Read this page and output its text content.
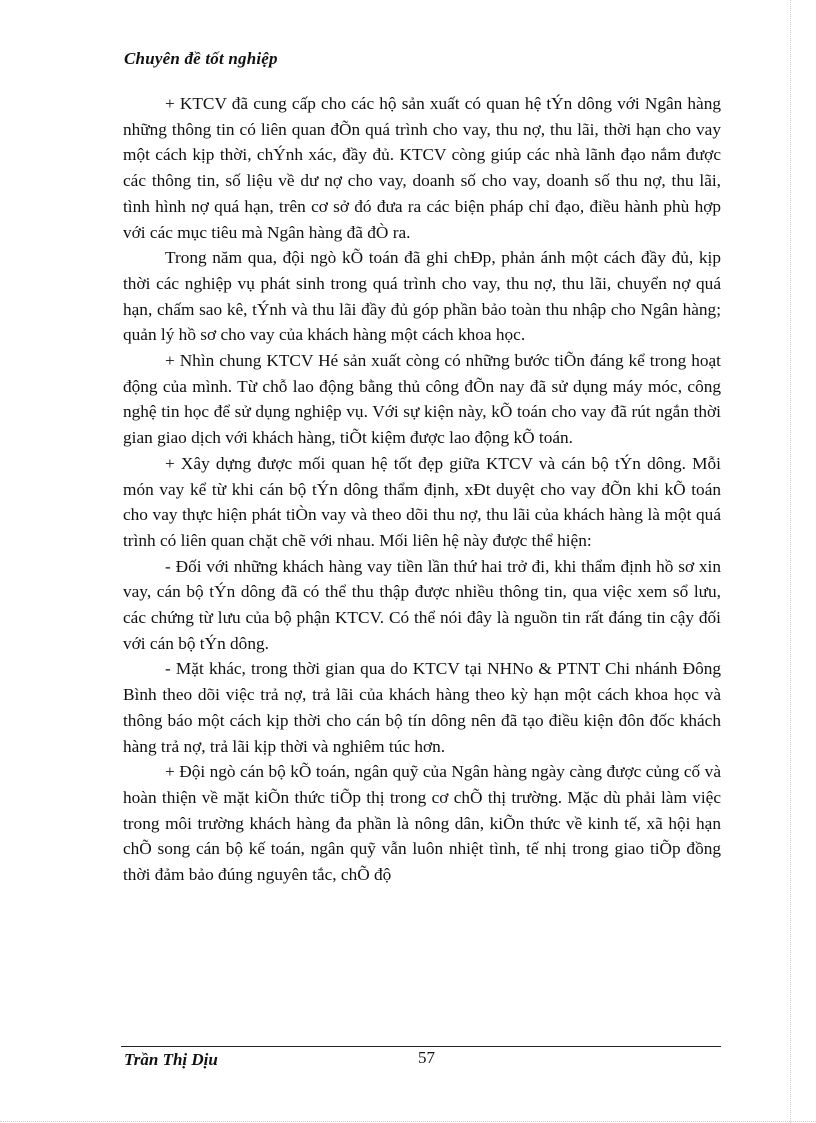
Chuyên đề tốt nghiệp

+ KTCV đã cung cấp cho các hộ sản xuất có quan hệ tÝn dông với Ngân hàng những thông tin có liên quan đÕn quá trình cho vay, thu nợ, thu lãi, thời hạn cho vay một cách kịp thời, chÝnh xác, đầy đủ. KTCV còng giúp các nhà lãnh đạo nắm được các thông tin, số liệu về dư nợ cho vay, doanh số cho vay, doanh số thu nợ, thu lãi, tình hình nợ quá hạn, trên cơ sở đó đưa ra các biện pháp chỉ đạo, điều hành phù hợp với các mục tiêu mà Ngân hàng đã đÒ ra.

Trong năm qua, đội ngò kÕ toán đã ghi chÐp, phản ánh một cách đầy đủ, kịp thời các nghiệp vụ phát sinh trong quá trình cho vay, thu nợ, thu lãi, chuyển nợ quá hạn, chấm sao kê, tÝnh và thu lãi đầy đủ góp phần bảo toàn thu nhập cho Ngân hàng; quản lý hồ sơ cho vay của khách hàng một cách khoa học.

+ Nhìn chung KTCV Hé sản xuất còng có những bước tiÕn đáng kể trong hoạt động của mình. Từ chỗ lao động bằng thủ công đÕn nay đã sử dụng máy móc, công nghệ tin học để sử dụng nghiệp vụ. Với sự kiện này, kÕ toán cho vay đã rút ngắn thời gian giao dịch với khách hàng, tiÕt kiệm được lao động kÕ toán.

+ Xây dựng được mối quan hệ tốt đẹp giữa KTCV và cán bộ tÝn dông. Mỗi món vay kể từ khi cán bộ tÝn dông thẩm định, xÐt duyệt cho vay đÕn khi kÕ toán cho vay thực hiện phát tiÒn vay và theo dõi thu nợ, thu lãi của khách hàng là một quá trình có liên quan chặt chẽ với nhau. Mối liên hệ này được thể hiện:

- Đối với những khách hàng vay tiền lần thứ hai trở đi, khi thẩm định hồ sơ xin vay, cán bộ tÝn dông đã có thể thu thập được nhiều thông tin, qua việc xem sổ lưu, các chứng từ lưu của bộ phận KTCV. Có thể nói đây là nguồn tin rất đáng tin cậy đối với cán bộ tÝn dông.

- Mặt khác, trong thời gian qua do KTCV tại NHNo & PTNT Chi nhánh Đông Bình theo dõi việc trả nợ, trả lãi của khách hàng theo kỳ hạn một cách khoa học và thông báo một cách kịp thời cho cán bộ tín dông nên đã tạo điều kiện đôn đốc khách hàng trả nợ, trả lãi kịp thời và nghiêm túc hơn.

+ Đội ngò cán bộ kÕ toán, ngân quỹ của Ngân hàng ngày càng được củng cố và hoàn thiện về mặt kiÕn thức tiÕp thị trong cơ chÕ thị trường. Mặc dù phải làm việc trong môi trường khách hàng đa phần là nông dân, kiÕn thức về kinh tế, xã hội hạn chÕ song cán bộ kế toán, ngân quỹ vẫn luôn nhiệt tình, tế nhị trong giao tiÕp đồng thời đảm bảo đúng nguyên tắc, chÕ độ

Trần Thị Dịu	57
